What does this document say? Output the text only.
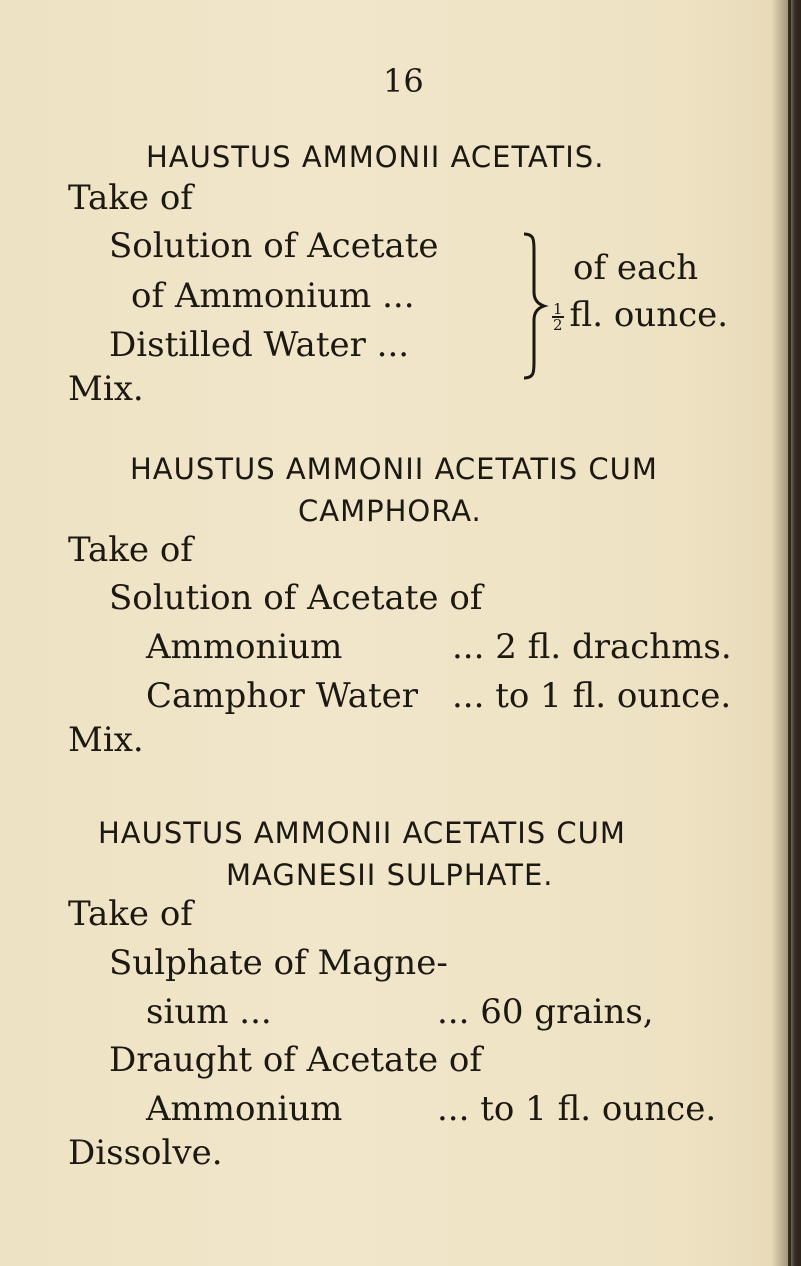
16
HAUSTUS AMMONII ACETATIS.
Take of
Solution of Acetate
of Ammonium ...
Distilled Water ...
of each
$\frac{1}{2}$ fl. ounce.
Mix.
HAUSTUS AMMONII ACETATIS CUM
CAMPHORA.
Take of
Solution of Acetate of
Ammonium	... 2 fl. drachms.
Camphor Water ... to 1 fl. ounce.
Mix.
HAUSTUS AMMONII ACETATIS CUM
MAGNESII SULPHATE.
Take of
Sulphate of Magne-
sium ...	... 60 grains,
Draught of Acetate of
Ammonium	... to 1 fl. ounce.
Dissolve.
